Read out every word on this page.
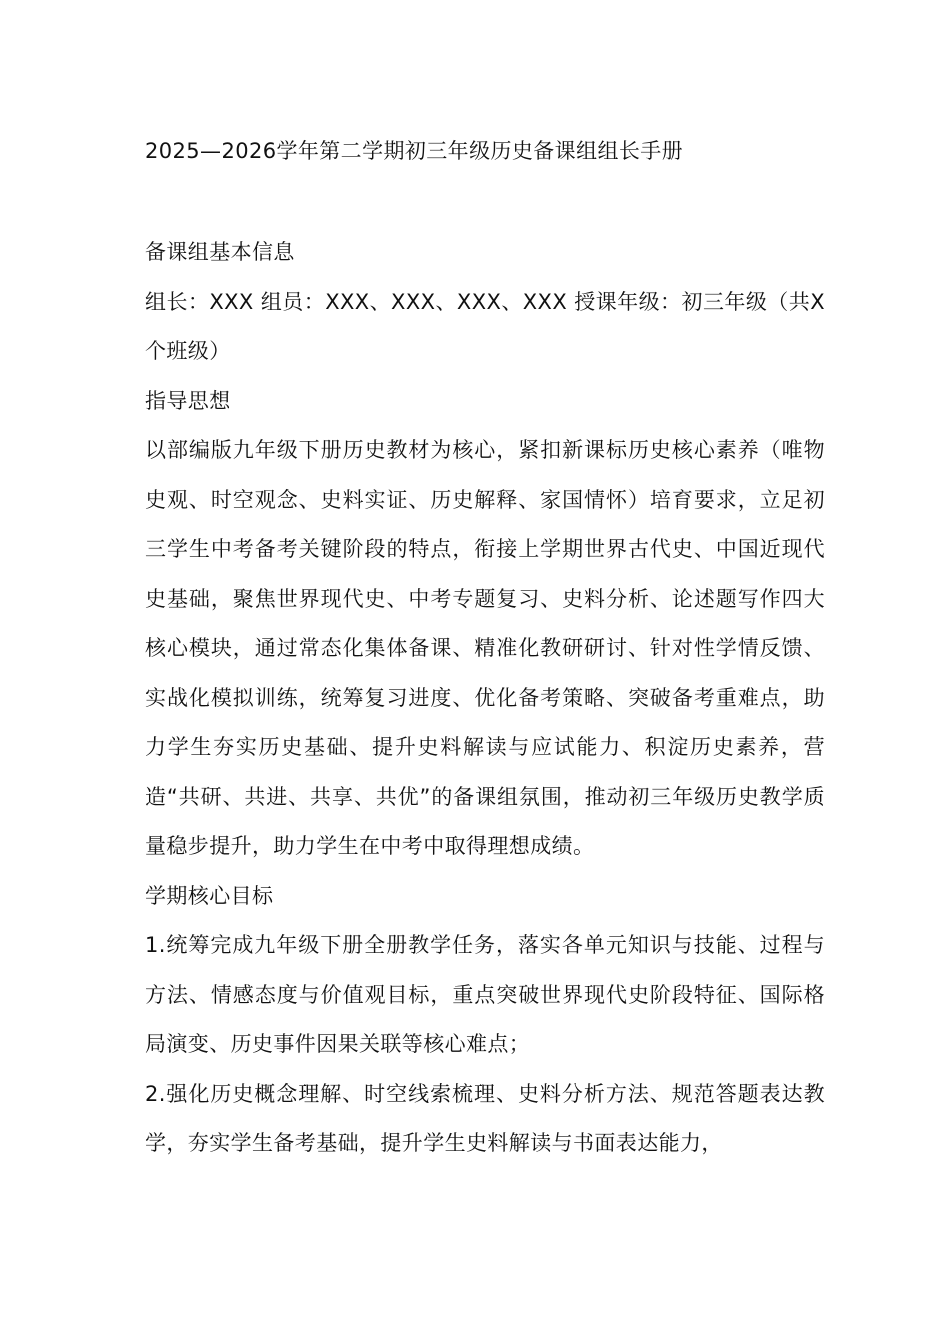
2025—2026学年第二学期初三年级历史备课组组长手册
备课组基本信息

组长：XXX 组员：XXX、XXX、XXX、XXX 授课年级：初三年级（共X个班级）

指导思想

以部编版九年级下册历史教材为核心，紧扣新课标历史核心素养（唯物史观、时空观念、史料实证、历史解释、家国情怀）培育要求，立足初三学生中考备考关键阶段的特点，衔接上学期世界古代史、中国近现代史基础，聚焦世界现代史、中考专题复习、史料分析、论述题写作四大核心模块，通过常态化集体备课、精准化教研研讨、针对性学情反馈、实战化模拟训练，统筹复习进度、优化备考策略、突破备考重难点，助力学生夯实历史基础、提升史料解读与应试能力、积淀历史素养，营造“共研、共进、共享、共优”的备课组氛围，推动初三年级历史教学质量稳步提升，助力学生在中考中取得理想成绩。

学期核心目标

1.统筹完成九年级下册全册教学任务，落实各单元知识与技能、过程与方法、情感态度与价值观目标，重点突破世界现代史阶段特征、国际格局演变、历史事件因果关联等核心难点；

2.强化历史概念理解、时空线索梳理、史料分析方法、规范答题表达教学，夯实学生备考基础，提升学生史料解读与书面表达能力，
